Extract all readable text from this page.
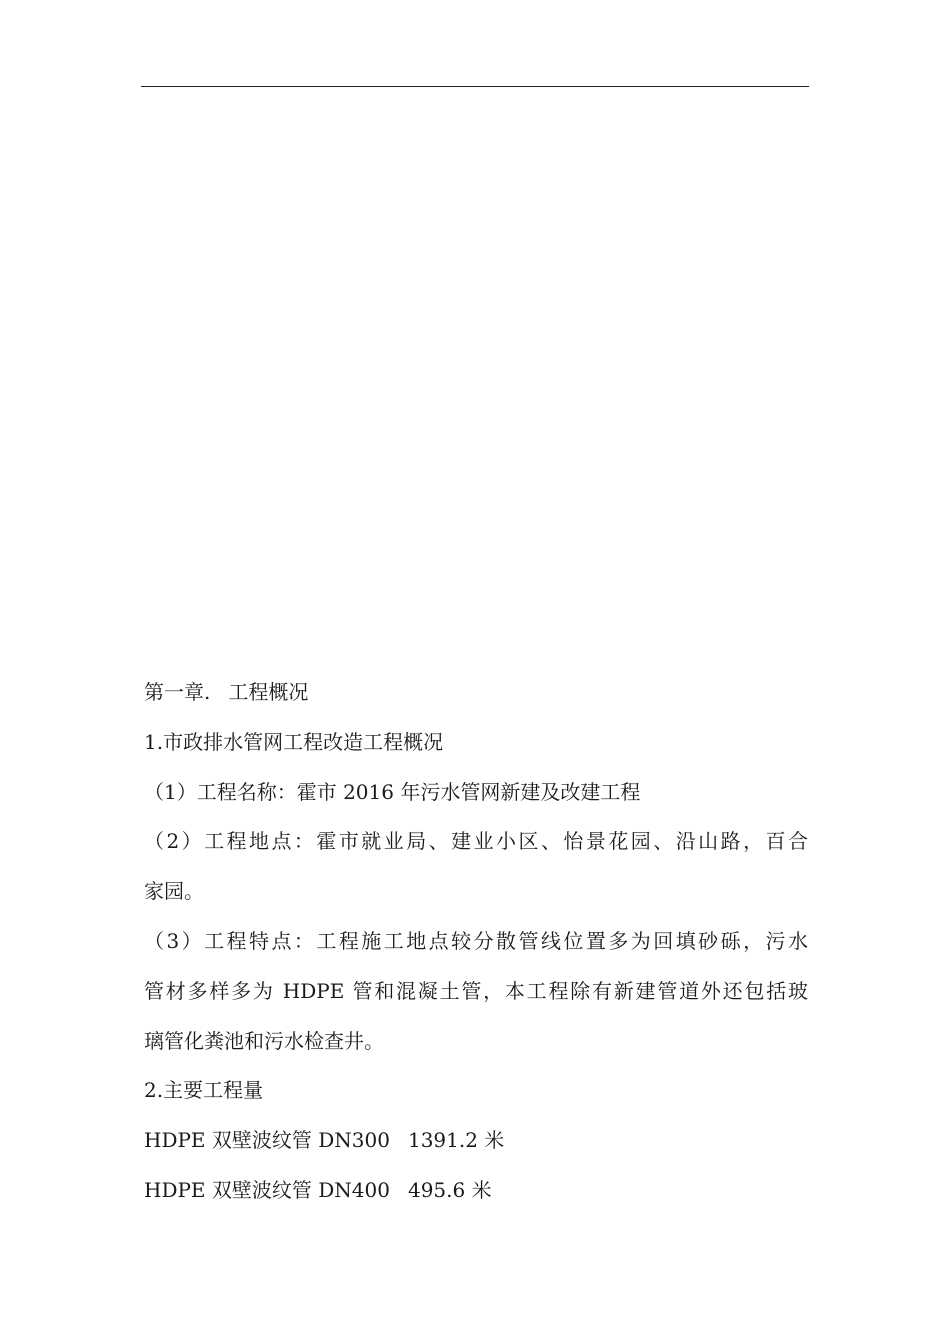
第一章. 工程概况
1.市政排水管网工程改造工程概况
（1）工程名称：霍市 2016 年污水管网新建及改建工程
（2）工程地点：霍市就业局、建业小区、怡景花园、沿山路，百合
家园。
（3）工程特点：工程施工地点较分散管线位置多为回填砂砾，污水
管材多样多为 HDPE 管和混凝土管，本工程除有新建管道外还包括玻
璃管化粪池和污水检查井。
2.主要工程量
HDPE 双壁波纹管 DN300 1391.2 米
HDPE 双壁波纹管 DN400 495.6 米
